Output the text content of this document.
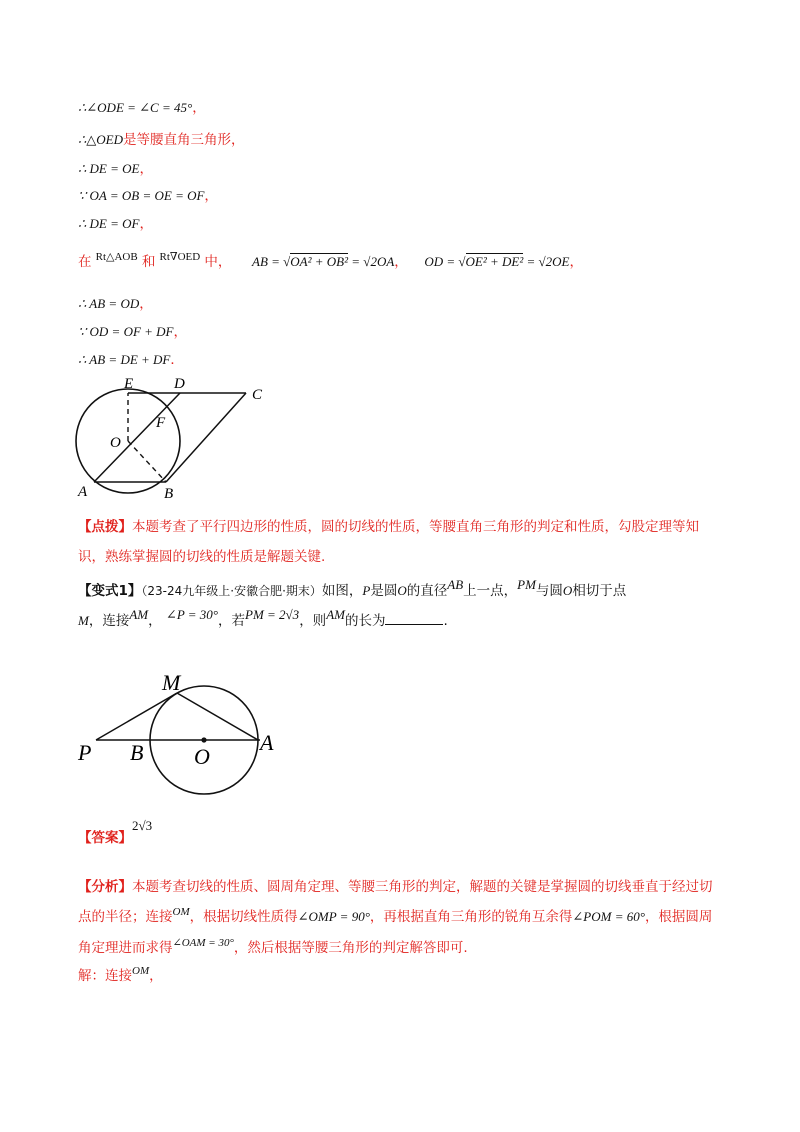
∴∠ODE = ∠C = 45°，
∴△OED是等腰直角三角形，
∴ DE = OE，
∵ OA = OB = OE = OF，
∴ DE = OF，
在 $^{Rt\triangle AOB}$ 和 $^{Rt\nabla OED}$ 中， AB = √OA² + OB² = √2OA， OD = √OE² + DE² = √2OE，
∴ AB = OD，
∵ OD = OF + DF，
∴ AB = DE + DF．
E	D
C
F
O
A	B
【点拨】本题考查了平行四边形的性质，圆的切线的性质，等腰直角三角形的判定和性质，勾股定理等知识，熟练掌握圆的切线的性质是解题关键.
【变式1】（23-24九年级上·安徽合肥·期末）如图，P是圆O的直径AB上一点，PM与圆O相切于点
M，连接AM， ∠P = 30°，若PM = 2√3，则AM的长为	.
M
P B O
A
【答案】2√3
【分析】本题考查切线的性质、圆周角定理、等腰三角形的判定，解题的关键是掌握圆的切线垂直于经过切点的半径；连接$^{OM}$，根据切线性质得∠OMP = 90°，再根据直角三角形的锐角互余得∠POM = 60°，根据圆周角定理进而求得$^{\angle OAM = 30^\circ}$，然后根据等腰三角形的判定解答即可.
解：连接$^{OM}$，
